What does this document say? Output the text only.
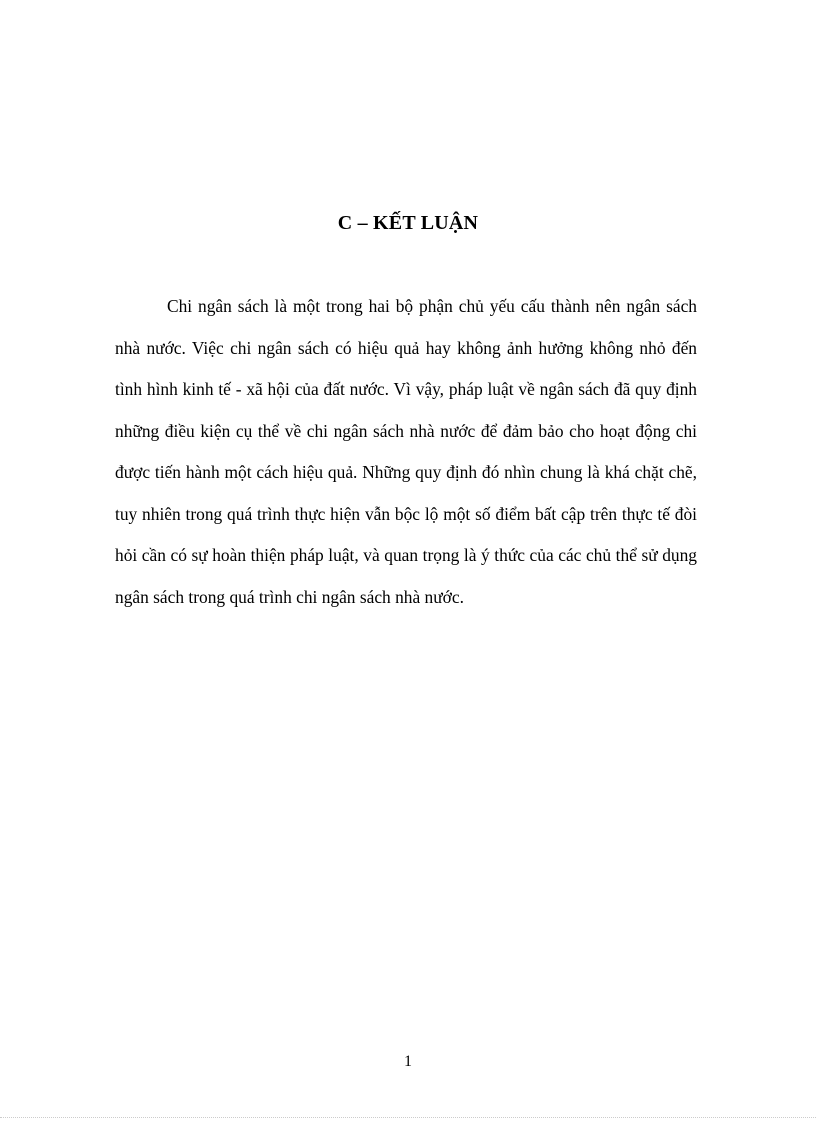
C – KẾT LUẬN

Chi ngân sách là một trong hai bộ phận chủ yếu cấu thành nên ngân sách nhà nước. Việc chi ngân sách có hiệu quả hay không ảnh hưởng không nhỏ đến tình hình kinh tế - xã hội của đất nước. Vì vậy, pháp luật về ngân sách đã quy định những điều kiện cụ thể về chi ngân sách nhà nước để đảm bảo cho hoạt động chi được tiến hành một cách hiệu quả. Những quy định đó nhìn chung là khá chặt chẽ, tuy nhiên trong quá trình thực hiện vẫn bộc lộ một số điểm bất cập trên thực tế đòi hỏi cần có sự hoàn thiện pháp luật, và quan trọng là ý thức của các chủ thể sử dụng ngân sách trong quá trình chi ngân sách nhà nước.

1
